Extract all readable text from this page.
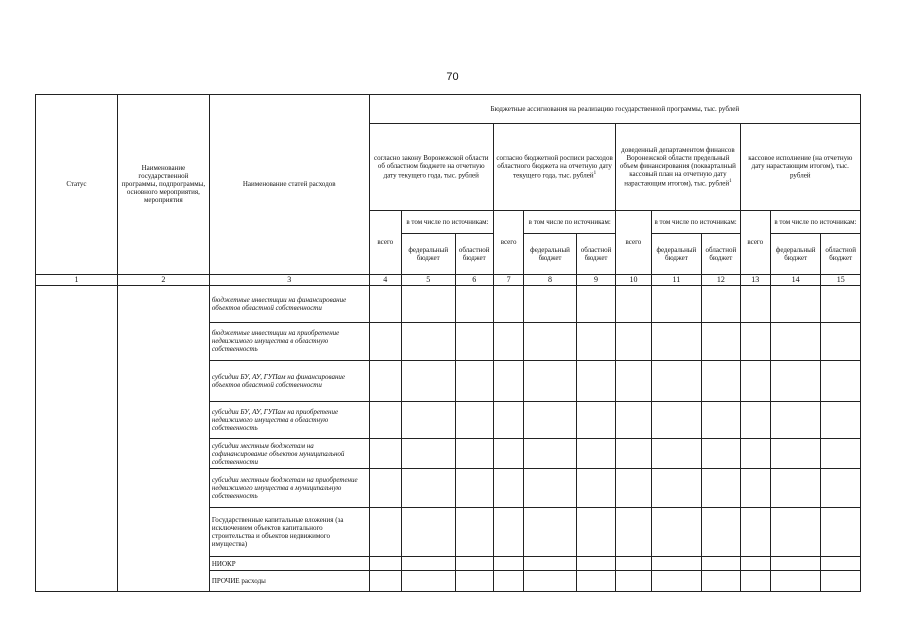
70
Статус	Наименование государственной программы, подпрограммы, основного мероприятия, мероприятия	Наименование статей расходов	Бюджетные ассигнования на реализацию государственной программы, тыс. рублей											
			согласно закону Воронежской области об областном бюджете на отчетную дату текущего года, тыс. рублей			согласно бюджетной росписи расходов областного бюджета на отчетную дату текущего года, тыс. рублей$^1$			доведенный департаментом финансов Воронежской области предельный объем финансирования (покварталный кассовый план на отчетную дату нарастающим итогом), тыс. рублей$^1$			кассовое исполнение (на отчетную дату нарастающим итогом), тыс. рублей		
			всего	в том числе по источникам:		всего	в том числе по источникам:		всего	в том числе по источникам:		всего	в том числе по источникам:	
				федеральный бюджет	областной бюджет		федеральный бюджет	областной бюджет		федеральный бюджет	областной бюджет		федеральный бюджет	областной бюджет
1	2	3	4	5	6	7	8	9	10	11	12	13	14	15
		бюджетные инвестиции на финансирование объектов областной собственности												
		бюджетные инвестиции на приобретение недвижимого имущества в областную собственность												
		субсидии БУ, АУ, ГУПам на финансирование объектов областной собственности												
		субсидии БУ, АУ, ГУПам на приобретение недвижимого имущества в областную собственность												
		субсидии местным бюджетам на софинансирование объектов муниципальной собственности												
		субсидии местным бюджетам на приобретение недвижимого имущества в муниципальную собственность												
		Государственные капитальные вложения (за исключением объектов капитального строительства и объектов недвижимого имущества)												
		НИОКР												
		ПРОЧИЕ расходы												
